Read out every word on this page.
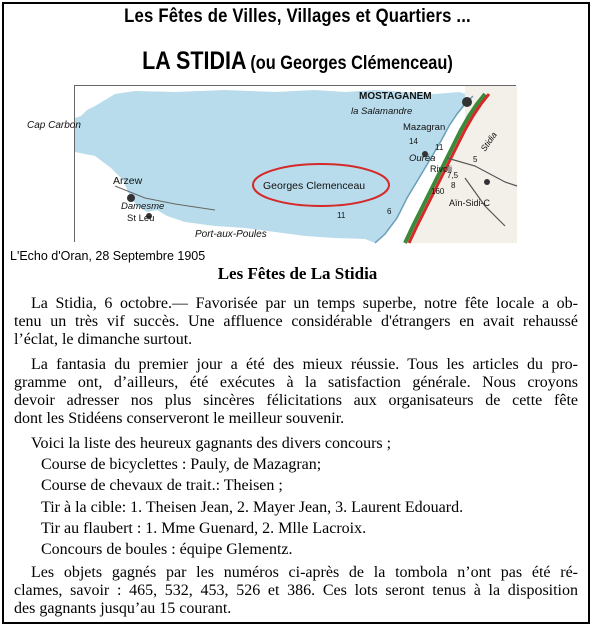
Les Fêtes de Villes, Villages et Quartiers ...
LA STIDIA (ou Georges Clémenceau)
MOSTAGANEM
la Salamandre
Mazagran
Cap Carbon
Ouréa
Georges Clemenceau
Arzew
Damesme
St Leu
Port-aux-Poules
Rivoli
Aïn-Sidi-C
Stidia
14
11
5
11	6
160
8
7,5
L'Echo d'Oran, 28 Septembre 1905
Les Fêtes de La Stidia
La Stidia, 6 octobre.— Favorisée par un temps superbe, notre fête locale a ob-
tenu un très vif succès. Une affluence considérable d'étrangers en avait rehaussé
l’éclat, le dimanche surtout.
La fantasia du premier jour a été des mieux réussie. Tous les articles du pro-
gramme ont, d’ailleurs, été exécutes à la satisfaction générale. Nous croyons
devoir adresser nos plus sincères félicitations aux organisateurs de cette fête
dont les Stidéens conserveront le meilleur souvenir.
Voici la liste des heureux gagnants des divers concours ;
Course de bicyclettes : Pauly, de Mazagran;
Course de chevaux de trait.: Theisen ;
Tir à la cible: 1. Theisen Jean, 2. Mayer Jean, 3. Laurent Edouard.
Tir au flaubert : 1. Mme Guenard, 2. Mlle Lacroix.
Concours de boules : équipe Glementz.
Les objets gagnés par les numéros ci-après de la tombola n’ont pas été ré-
clames, savoir : 465, 532, 453, 526 et 386. Ces lots seront tenus à la disposition
des gagnants jusqu’au 15 courant.
